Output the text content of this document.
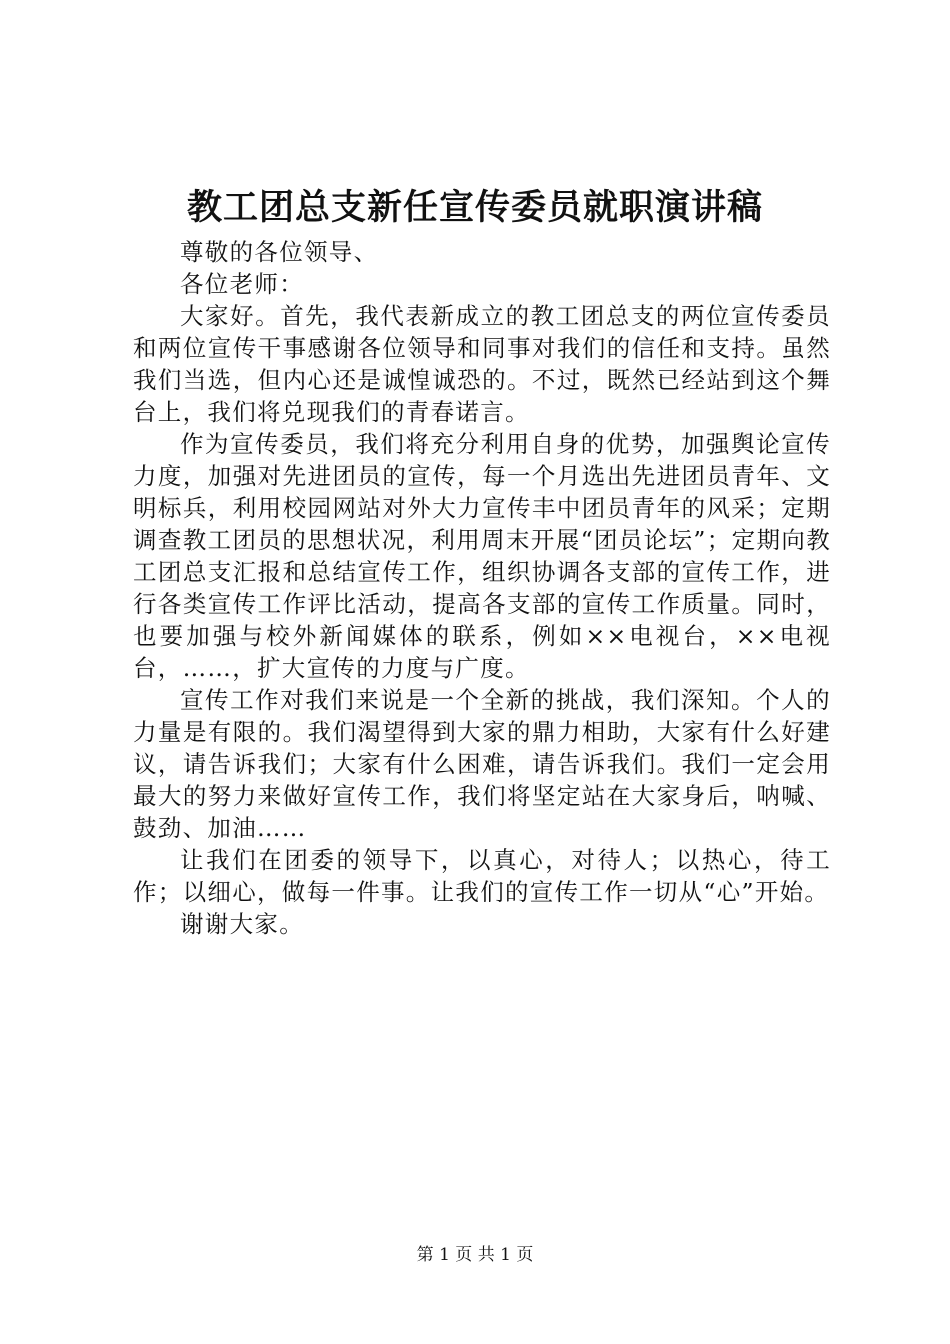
教工团总支新任宣传委员就职演讲稿

尊敬的各位领导、

各位老师：

大家好。首先，我代表新成立的教工团总支的两位宣传委员和两位宣传干事感谢各位领导和同事对我们的信任和支持。虽然我们当选，但内心还是诚惶诚恐的。不过，既然已经站到这个舞台上，我们将兑现我们的青春诺言。

作为宣传委员，我们将充分利用自身的优势，加强舆论宣传力度，加强对先进团员的宣传，每一个月选出先进团员青年、文明标兵，利用校园网站对外大力宣传丰中团员青年的风采；定期调查教工团员的思想状况，利用周末开展“团员论坛”；定期向教工团总支汇报和总结宣传工作，组织协调各支部的宣传工作，进行各类宣传工作评比活动，提高各支部的宣传工作质量。同时，也要加强与校外新闻媒体的联系，例如××电视台，××电视台，……，扩大宣传的力度与广度。

宣传工作对我们来说是一个全新的挑战，我们深知。个人的力量是有限的。我们渴望得到大家的鼎力相助，大家有什么好建议，请告诉我们；大家有什么困难，请告诉我们。我们一定会用最大的努力来做好宣传工作，我们将坚定站在大家身后，呐喊、鼓劲、加油……

让我们在团委的领导下，以真心，对待人；以热心，待工作；以细心，做每一件事。让我们的宣传工作一切从“心”开始。

谢谢大家。

第 1 页 共 1 页
